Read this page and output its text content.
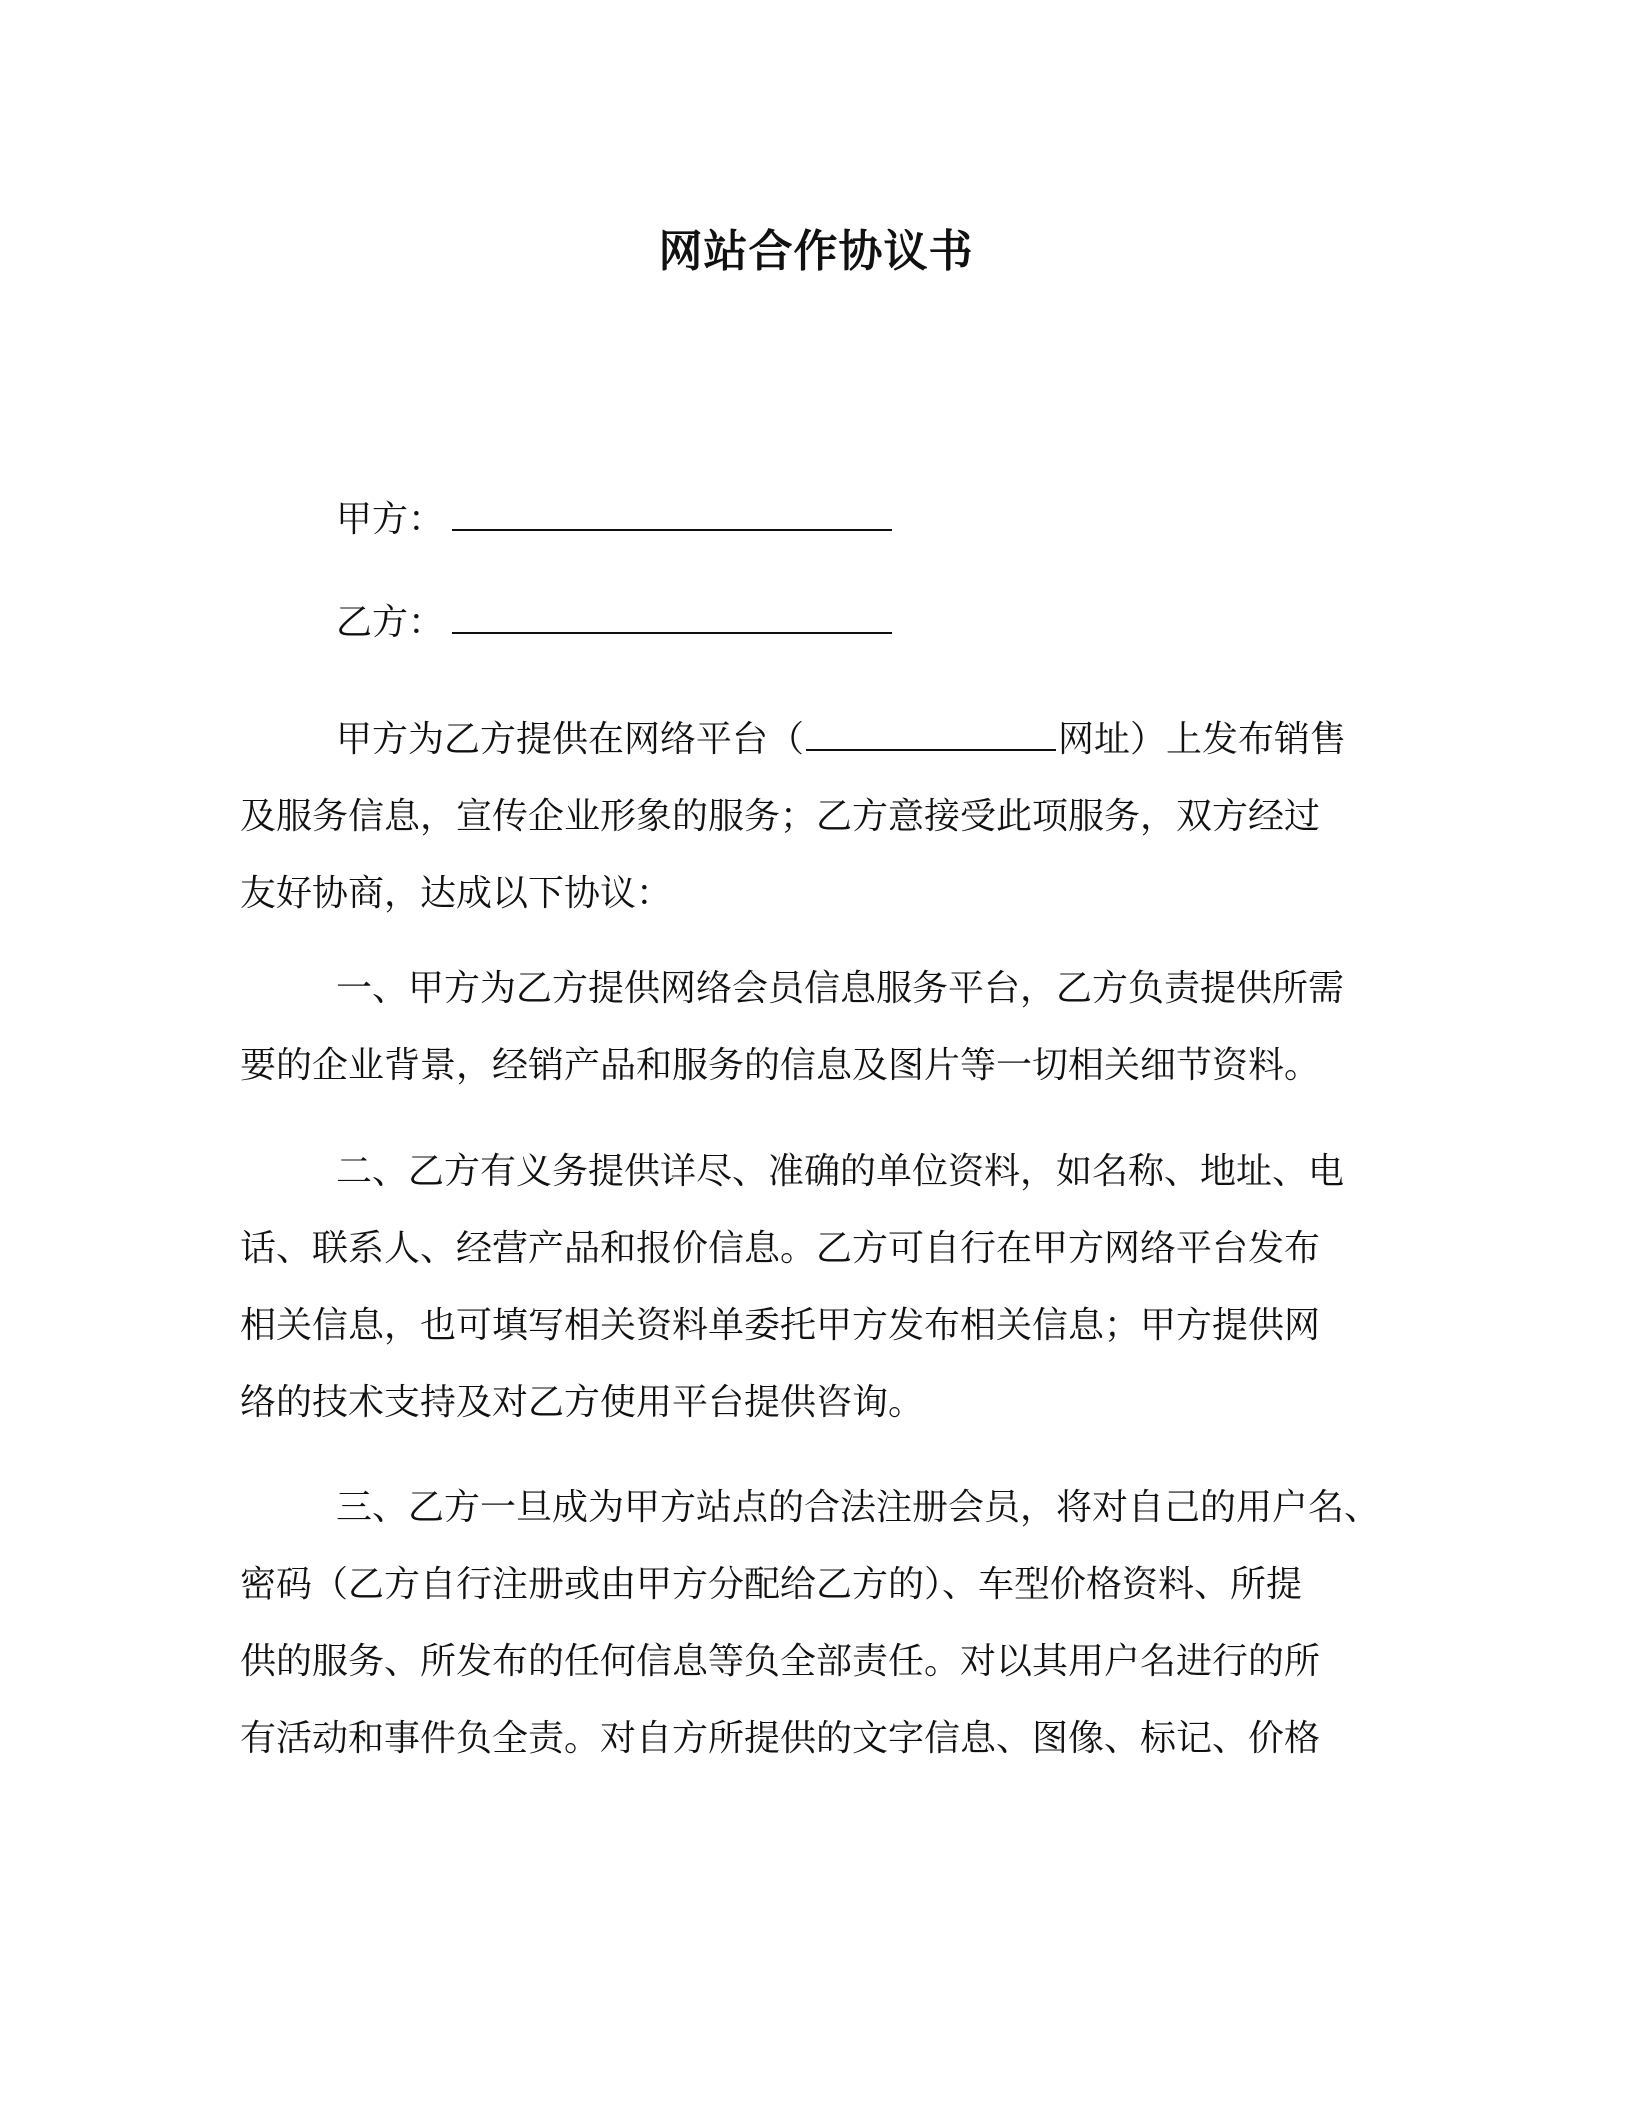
网站合作协议书
甲方：
乙方：
甲方为乙方提供在网络平台（	网址）上发布销售
及服务信息，宣传企业形象的服务；乙方意接受此项服务，双方经过
友好协商，达成以下协议：
一、甲方为乙方提供网络会员信息服务平台，乙方负责提供所需
要的企业背景，经销产品和服务的信息及图片等一切相关细节资料。
二、乙方有义务提供详尽、准确的单位资料，如名称、地址、电
话、联系人、经营产品和报价信息。乙方可自行在甲方网络平台发布
相关信息，也可填写相关资料单委托甲方发布相关信息；甲方提供网
络的技术支持及对乙方使用平台提供咨询。
三、乙方一旦成为甲方站点的合法注册会员，将对自己的用户名、
密码（乙方自行注册或由甲方分配给乙方的）、车型价格资料、所提
供的服务、所发布的任何信息等负全部责任。对以其用户名进行的所
有活动和事件负全责。对自方所提供的文字信息、图像、标记、价格
